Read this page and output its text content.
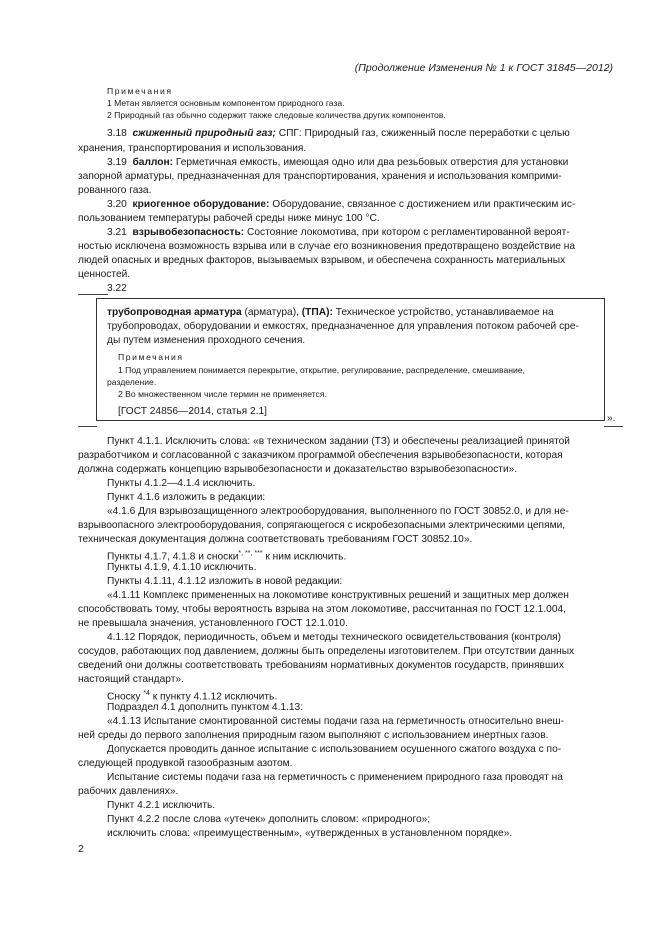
(Продолжение Изменения № 1 к ГОСТ 31845—2012)
Примечания
1 Метан является основным компонентом природного газа.
2 Природный газ обычно содержит также следовые количества других компонентов.
3.18 сжиженный природный газ; СПГ: Природный газ, сжиженный после переработки с целью
хранения, транспортирования и использования.
3.19 баллон: Герметичная емкость, имеющая одно или два резьбовых отверстия для установки
запорной арматуры, предназначенная для транспортирования, хранения и использования комприми-
рованного газа.
3.20 криогенное оборудование: Оборудование, связанное с достижением или практическим ис-
пользованием температуры рабочей среды ниже минус 100 °С.
3.21 взрывобезопасность: Состояние локомотива, при котором с регламентированной вероят-
ностью исключена возможность взрыва или в случае его возникновения предотвращено воздействие на
людей опасных и вредных факторов, вызываемых взрывом, и обеспечена сохранность материальных
ценностей.
3.22
трубопроводная арматура (арматура), (ТПА): Техническое устройство, устанавливаемое на
трубопроводах, оборудовании и емкостях, предназначенное для управления потоком рабочей сре-
ды путем изменения проходного сечения.
Примечания
1 Под управлением понимается перекрытие, открытие, регулирование, распределение, смешивание,
разделение.
2 Во множественном числе термин не применяется.
[ГОСТ 24856—2014, статья 2.1]
».
Пункт 4.1.1. Исключить слова: «в техническом задании (ТЗ) и обеспечены реализацией принятой
разработчиком и согласованной с заказчиком программой обеспечения взрывобезопасности, которая
должна содержать концепцию взрывобезопасности и доказательство взрывобезопасности».
Пункты 4.1.2—4.1.4 исключить.
Пункт 4.1.6 изложить в редакции:
«4.1.6 Для взрывозащищенного электрооборудования, выполненного по ГОСТ 30852.0, и для не-
взрывоопасного электрооборудования, сопрягающегося с искробезопасными электрическими цепями,
техническая документация должна соответствовать требованиям ГОСТ 30852.10».
Пункты 4.1.7, 4.1.8 и сноски*, **, *** к ним исключить.
Пункты 4.1.9, 4.1.10 исключить.
Пункты 4.1.11, 4.1.12 изложить в новой редакции:
«4.1.11 Комплекс примененных на локомотиве конструктивных решений и защитных мер должен
способствовать тому, чтобы вероятность взрыва на этом локомотиве, рассчитанная по ГОСТ 12.1.004,
не превышала значения, установленного ГОСТ 12.1.010.
4.1.12 Порядок, периодичность, объем и методы технического освидетельствования (контроля)
сосудов, работающих под давлением, должны быть определены изготовителем. При отсутствии данных
сведений они должны соответствовать требованиям нормативных документов государств, принявших
настоящий стандарт».
Сноску $^{*4}$ к пункту 4.1.12 исключить.
Подраздел 4.1 дополнить пунктом 4.1.13:
«4.1.13 Испытание смонтированной системы подачи газа на герметичность относительно внеш-
ней среды до первого заполнения природным газом выполняют с использованием инертных газов.
Допускается проводить данное испытание с использованием осушенного сжатого воздуха с по-
следующей продувкой газообразным азотом.
Испытание системы подачи газа на герметичность с применением природного газа проводят на
рабочих давлениях».
Пункт 4.2.1 исключить.
Пункт 4.2.2 после слова «утечек» дополнить словом: «природного»;
исключить слова: «преимущественным», «утвержденных в установленном порядке».
2
